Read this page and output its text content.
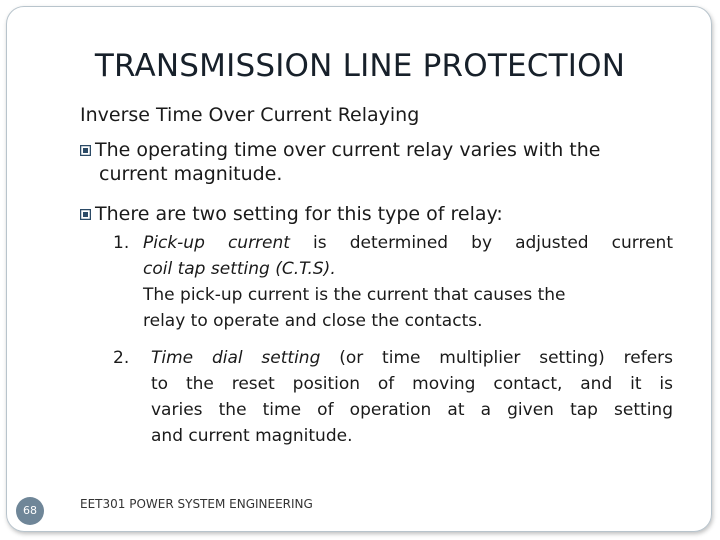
TRANSMISSION LINE PROTECTION
Inverse Time Over Current Relaying
The operating time over current relay varies with the
current magnitude.
There are two setting for this type of relay:
1. Pick-up current is determined by adjusted current
coil tap setting (C.T.S).
The pick-up current is the current that causes the
relay to operate and close the contacts.
2.	Time dial setting (or time multiplier setting) refers
to the reset position of moving contact, and it is
varies the time of operation at a given tap setting
and current magnitude.
68	EET301 POWER SYSTEM ENGINEERING
